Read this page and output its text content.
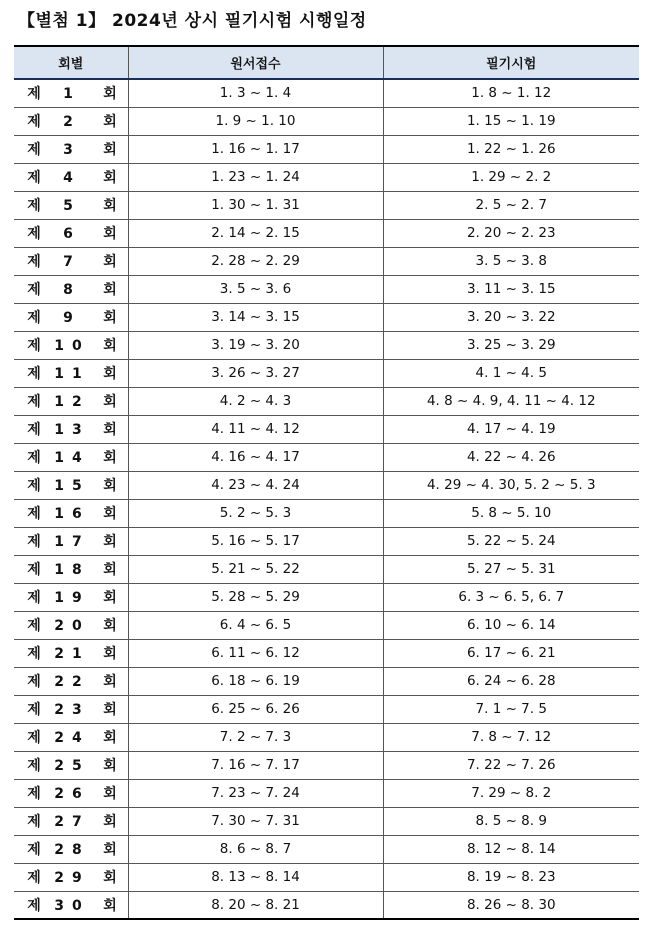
【별첨 1】 2024년 상시 필기시험 시행일정
회별	원서접수	필기시험
제 1 회	1. 3 ~ 1. 4	1. 8 ~ 1. 12
제 2 회	1. 9 ~ 1. 10	1. 15 ~ 1. 19
제 3 회	1. 16 ~ 1. 17	1. 22 ~ 1. 26
제 4 회	1. 23 ~ 1. 24	1. 29 ~ 2. 2
제 5 회	1. 30 ~ 1. 31	2. 5 ~ 2. 7
제 6 회	2. 14 ~ 2. 15	2. 20 ~ 2. 23
제 7 회	2. 28 ~ 2. 29	3. 5 ~ 3. 8
제 8 회	3. 5 ~ 3. 6	3. 11 ~ 3. 15
제 9 회	3. 14 ~ 3. 15	3. 20 ~ 3. 22
제 10 회	3. 19 ~ 3. 20	3. 25 ~ 3. 29
제 11 회	3. 26 ~ 3. 27	4. 1 ~ 4. 5
제 12 회	4. 2 ~ 4. 3	4. 8 ~ 4. 9, 4. 11 ~ 4. 12
제 13 회	4. 11 ~ 4. 12	4. 17 ~ 4. 19
제 14 회	4. 16 ~ 4. 17	4. 22 ~ 4. 26
제 15 회	4. 23 ~ 4. 24	4. 29 ~ 4. 30, 5. 2 ~ 5. 3
제 16 회	5. 2 ~ 5. 3	5. 8 ~ 5. 10
제 17 회	5. 16 ~ 5. 17	5. 22 ~ 5. 24
제 18 회	5. 21 ~ 5. 22	5. 27 ~ 5. 31
제 19 회	5. 28 ~ 5. 29	6. 3 ~ 6. 5, 6. 7
제 20 회	6. 4 ~ 6. 5	6. 10 ~ 6. 14
제 21 회	6. 11 ~ 6. 12	6. 17 ~ 6. 21
제 22 회	6. 18 ~ 6. 19	6. 24 ~ 6. 28
제 23 회	6. 25 ~ 6. 26	7. 1 ~ 7. 5
제 24 회	7. 2 ~ 7. 3	7. 8 ~ 7. 12
제 25 회	7. 16 ~ 7. 17	7. 22 ~ 7. 26
제 26 회	7. 23 ~ 7. 24	7. 29 ~ 8. 2
제 27 회	7. 30 ~ 7. 31	8. 5 ~ 8. 9
제 28 회	8. 6 ~ 8. 7	8. 12 ~ 8. 14
제 29 회	8. 13 ~ 8. 14	8. 19 ~ 8. 23
제 30 회	8. 20 ~ 8. 21	8. 26 ~ 8. 30
